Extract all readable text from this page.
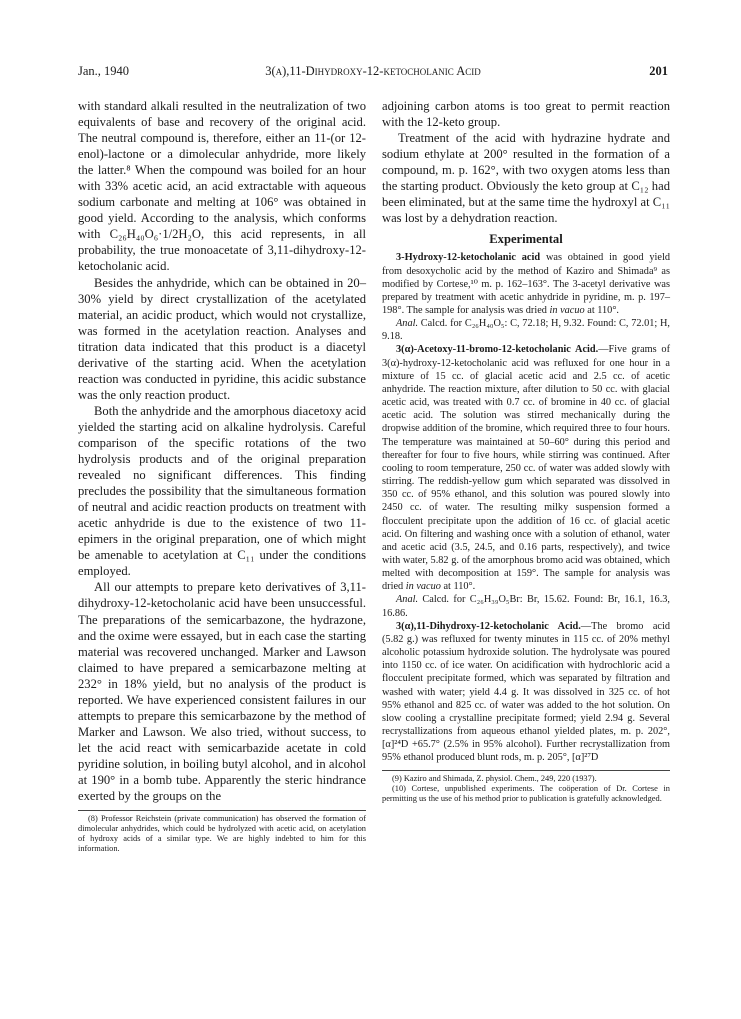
Jan., 1940	3(α),11-Dihydroxy-12-ketocholanic Acid	201

with standard alkali resulted in the neutralization of two equivalents of base and recovery of the original acid. The neutral compound is, therefore, either an 11-(or 12-enol)-lactone or a dimolecular anhydride, more likely the latter.⁸ When the compound was boiled for an hour with 33% acetic acid, an acid extractable with aqueous sodium carbonate and melting at 106° was obtained in good yield. According to the analysis, which conforms with C₂₆H₄₀O₆·1/2H₂O, this acid represents, in all probability, the true monoacetate of 3,11-dihydroxy-12-ketocholanic acid.

Besides the anhydride, which can be obtained in 20–30% yield by direct crystallization of the acetylated material, an acidic product, which would not crystallize, was formed in the acetylation reaction. Analyses and titration data indicated that this product is a diacetyl derivative of the starting acid. When the acetylation reaction was conducted in pyridine, this acidic substance was the only reaction product.

Both the anhydride and the amorphous diacetoxy acid yielded the starting acid on alkaline hydrolysis. Careful comparison of the specific rotations of the two hydrolysis products and of the original preparation revealed no significant differences. This finding precludes the possibility that the simultaneous formation of neutral and acidic reaction products on treatment with acetic anhydride is due to the existence of two 11-epimers in the original preparation, one of which might be amenable to acetylation at C₁₁ under the conditions employed.

All our attempts to prepare keto derivatives of 3,11-dihydroxy-12-ketocholanic acid have been unsuccessful. The preparations of the semicarbazone, the hydrazone, and the oxime were essayed, but in each case the starting material was recovered unchanged. Marker and Lawson claimed to have prepared a semicarbazone melting at 232° in 18% yield, but no analysis of the product is reported. We have experienced consistent failures in our attempts to prepare this semicarbazone by the method of Marker and Lawson. We also tried, without success, to let the acid react with semicarbazide acetate in cold pyridine solution, in boiling butyl alcohol, and in alcohol at 190° in a bomb tube. Apparently the steric hindrance exerted by the groups on the

(8) Professor Reichstein (private communication) has observed the formation of dimolecular anhydrides, which could be hydrolyzed with acetic acid, on acetylation of hydroxy acids of a similar type. We are highly indebted to him for this information.

adjoining carbon atoms is too great to permit reaction with the 12-keto group.

Treatment of the acid with hydrazine hydrate and sodium ethylate at 200° resulted in the formation of a compound, m. p. 162°, with two oxygen atoms less than the starting product. Obviously the keto group at C₁₂ had been eliminated, but at the same time the hydroxyl at C₁₁ was lost by a dehydration reaction.

Experimental

3-Hydroxy-12-ketocholanic acid was obtained in good yield from desoxycholic acid by the method of Kaziro and Shimada⁹ as modified by Cortese,¹⁰ m. p. 162–163°. The 3-acetyl derivative was prepared by treatment with acetic anhydride in pyridine, m. p. 197–198°. The sample for analysis was dried in vacuo at 110°.

Anal. Calcd. for C₂₆H₄₀O₅: C, 72.18; H, 9.32. Found: C, 72.01; H, 9.18.

3(α)-Acetoxy-11-bromo-12-ketocholanic Acid.—Five grams of 3(α)-hydroxy-12-ketocholanic acid was refluxed for one hour in a mixture of 15 cc. of glacial acetic acid and 2.5 cc. of acetic anhydride. The reaction mixture, after dilution to 50 cc. with glacial acetic acid, was treated with 0.7 cc. of bromine in 40 cc. of glacial acetic acid. The solution was stirred mechanically during the dropwise addition of the bromine, which required three to four hours. The temperature was maintained at 50–60° during this period and thereafter for four to five hours, while stirring was continued. After cooling to room temperature, 250 cc. of water was added slowly with stirring. The reddish-yellow gum which separated was dissolved in 350 cc. of 95% ethanol, and this solution was poured slowly into 2450 cc. of water. The resulting milky suspension formed a flocculent precipitate upon the addition of 16 cc. of glacial acetic acid. On filtering and washing once with a solution of ethanol, water and acetic acid (3.5, 24.5, and 0.16 parts, respectively), and twice with water, 5.82 g. of the amorphous bromo acid was obtained, which melted with decomposition at 159°. The sample for analysis was dried in vacuo at 110°.

Anal. Calcd. for C₂₆H₃₉O₅Br: Br, 15.62. Found: Br, 16.1, 16.3, 16.86.

3(α),11-Dihydroxy-12-ketocholanic Acid.—The bromo acid (5.82 g.) was refluxed for twenty minutes in 115 cc. of 20% methyl alcoholic potassium hydroxide solution. The hydrolysate was poured into 1150 cc. of ice water. On acidification with hydrochloric acid a flocculent precipitate formed, which was separated by filtration and washed with water; yield 4.4 g. It was dissolved in 325 cc. of hot 95% ethanol and 825 cc. of water was added to the hot solution. On slow cooling a crystalline precipitate formed; yield 2.94 g. Several recrystallizations from aqueous ethanol yielded plates, m. p. 202°, [α]²⁴D +65.7° (2.5% in 95% alcohol). Further recrystallization from 95% ethanol produced blunt rods, m. p. 205°, [α]²⁷D

(9) Kaziro and Shimada, Z. physiol. Chem., 249, 220 (1937).

(10) Cortese, unpublished experiments. The coöperation of Dr. Cortese in permitting us the use of his method prior to publication is gratefully acknowledged.
